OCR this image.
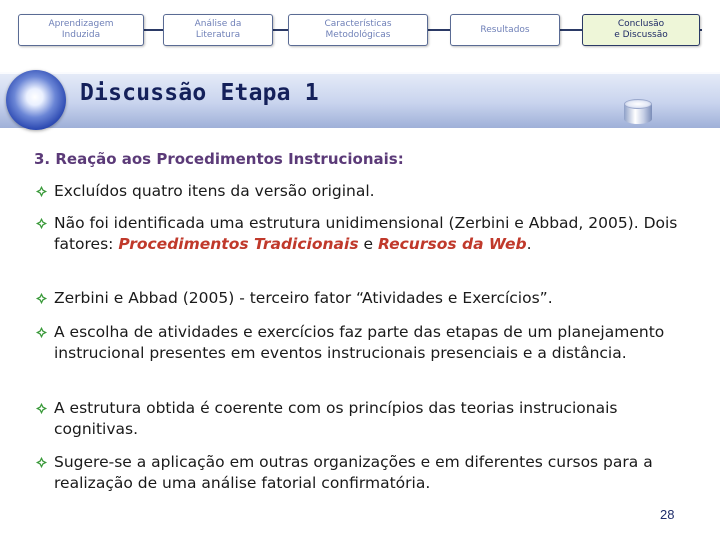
Aprendizagem
Induzida
Análise da
Literatura
Características
Metodológicas
Resultados
Conclusão
e Discussão
Discussão Etapa 1
3. Reação aos Procedimentos Instrucionais:
Excluídos quatro itens da versão original.
Não foi identificada uma estrutura unidimensional (Zerbini e Abbad, 2005). Dois fatores: Procedimentos Tradicionais e Recursos da Web.
Zerbini e Abbad (2005) - terceiro fator “Atividades e Exercícios”.
A escolha de atividades e exercícios faz parte das etapas de um planejamento instrucional presentes em eventos instrucionais presenciais e a distância.
A estrutura obtida é coerente com os princípios das teorias instrucionais cognitivas.
Sugere-se a aplicação em outras organizações e em diferentes cursos para a realização de uma análise fatorial confirmatória.
28
